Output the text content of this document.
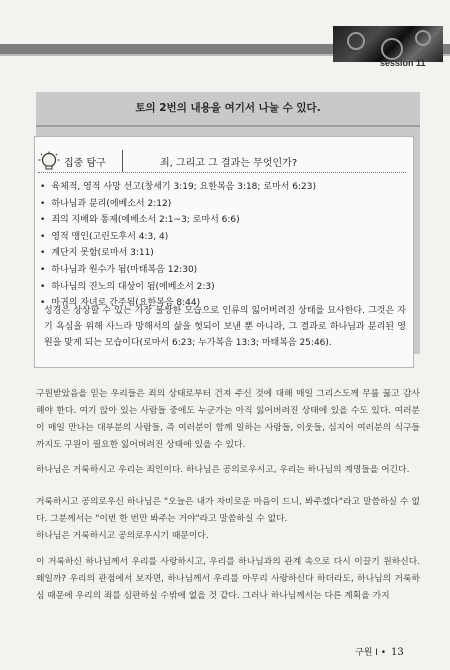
session 11
토의 2번의 내용을 여기서 나눌 수 있다.
집중 탐구	죄, 그리고 그 결과는 무엇인가?
• 육체적, 영적 사망 선고(창세기 3:19; 요한복음 3:18; 로마서 6:23)
• 하나님과 분리(에베소서 2:12)
• 죄의 지배와 통제(에베소서 2:1~3; 로마서 6:6)
• 영적 맹인(고린도후서 4:3, 4)
• 계단지 못함(로마서 3:11)
• 하나님과 원수가 됨(마태복음 12:30)
• 하나님의 진노의 대상이 됨(에베소서 2:3)
• 마귀의 자녀로 간주됨(요한복음 8:44)
성경은 상상할 수 있는 가장 불쌍한 모습으로 인류의 잃어버려진 상태를 묘사한다. 그것은 자기 욕심을 위해 사느라 망해서의 삶을 헛되이 보낸 뿐 아니라, 그 결과로 하나님과 분리된 영원을 맞게 되는 모습이다(로마서 6:23; 누가복음 13:3; 마태복음 25:46).
구원받았음을 믿는 우리들은 죄의 상태로부터 건져 주신 것에 대해 매일 그리스도께 무릎 꿇고 감사해야 한다. 여기 앉아 있는 사람들 중에도 누군가는 아직 잃어버려진 상태에 있을 수도 있다. 여러분이 매일 만나는 대부분의 사람들, 즉 여러분이 함께 일하는 사람들, 이웃들, 심지어 여러분의 식구들까지도 구원이 필요한 잃어버려진 상태에 있을 수 있다.
하나님은 거룩하시고 우리는 죄인이다. 하나님은 공의로우시고, 우리는 하나님의 계명들을 어긴다.
거룩하시고 공의로우신 하나님은 "오늘은 내가 자비로운 마음이 드니, 봐주겠다"라고 말씀하실 수 없다. 그분께서는 "이번 한 번만 봐주는 거야"라고 말씀하실 수 없다.
하나님은 거룩하시고 공의로우시기 때문이다.
이 거룩하신 하나님께서 우리를 사랑하시고, 우리를 하나님과의 관계 속으로 다시 이끌기 원하신다. 왜일까? 우리의 관점에서 보자면, 하나님께서 우리를 아무리 사랑하신다 하더라도, 하나님의 거룩하심 때문에 우리의 죄를 심판하실 수밖에 없을 것 같다. 그러나 하나님께서는 다른 계획을 가지
구원 I • 13
